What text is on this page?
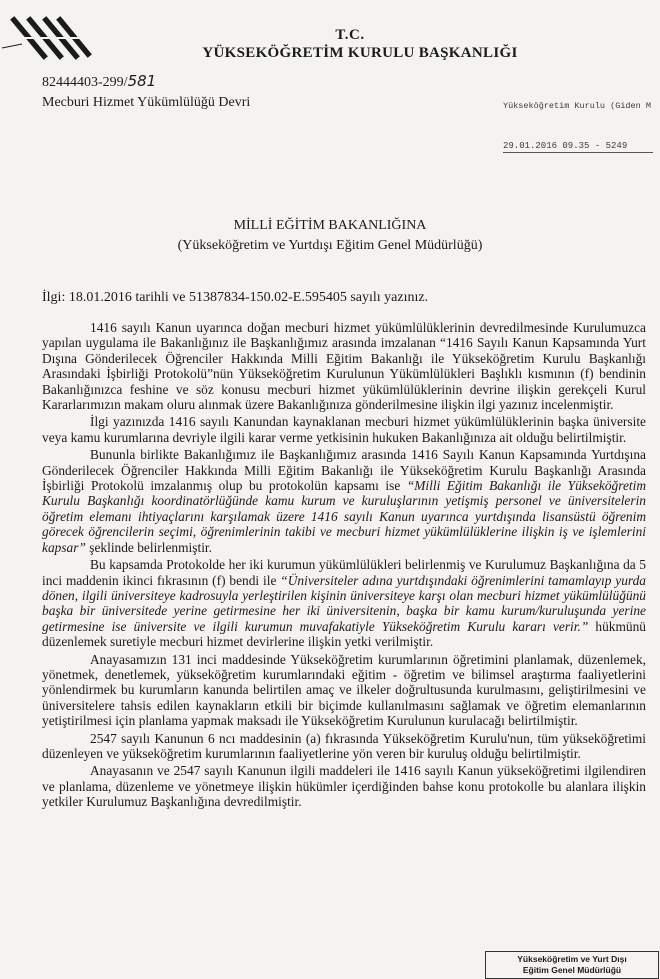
T.C.
YÜKSEKÖĞRETİM KURULU BAŞKANLIĞI
82444403-299/581
Mecburi Hizmet Yükümlülüğü Devri	Yükseköğretim Kurulu (Giden M
29.01.2016 09.35 - 5249
MİLLİ EĞİTİM BAKANLIĞINA
(Yükseköğretim ve Yurtdışı Eğitim Genel Müdürlüğü)
İlgi: 18.01.2016 tarihli ve 51387834-150.02-E.595405 sayılı yazınız.

1416 sayılı Kanun uyarınca doğan mecburi hizmet yükümlülüklerinin devredilmesinde Kurulumuzca yapılan uygulama ile Bakanlığınız ile Başkanlığımız arasında imzalanan “1416 Sayılı Kanun Kapsamında Yurt Dışına Gönderilecek Öğrenciler Hakkında Milli Eğitim Bakanlığı ile Yükseköğretim Kurulu Başkanlığı Arasındaki İşbirliği Protokolü”nün Yükseköğretim Kurulunun Yükümlülükleri Başlıklı kısmının (f) bendinin Bakanlığınızca feshine ve söz konusu mecburi hizmet yükümlülüklerinin devrine ilişkin gerekçeli Kurul Kararlarımızın makam oluru alınmak üzere Bakanlığınıza gönderilmesine ilişkin ilgi yazınız incelenmiştir.

İlgi yazınızda 1416 sayılı Kanundan kaynaklanan mecburi hizmet yükümlülüklerinin başka üniversite veya kamu kurumlarına devriyle ilgili karar verme yetkisinin hukuken Bakanlığınıza ait olduğu belirtilmiştir.

Bununla birlikte Bakanlığımız ile Başkanlığımız arasında 1416 Sayılı Kanun Kapsamında Yurtdışına Gönderilecek Öğrenciler Hakkında Milli Eğitim Bakanlığı ile Yükseköğretim Kurulu Başkanlığı Arasında İşbirliği Protokolü imzalanmış olup bu protokolün kapsamı ise “Milli Eğitim Bakanlığı ile Yükseköğretim Kurulu Başkanlığı koordinatörlüğünde kamu kurum ve kuruluşlarının yetişmiş personel ve üniversitelerin öğretim elemanı ihtiyaçlarını karşılamak üzere 1416 sayılı Kanun uyarınca yurtdışında lisansüstü öğrenim görecek öğrencilerin seçimi, öğrenimlerinin takibi ve mecburi hizmet yükümlülüklerine ilişkin iş ve işlemlerini kapsar” şeklinde belirlenmiştir.

Bu kapsamda Protokolde her iki kurumun yükümlülükleri belirlenmiş ve Kurulumuz Başkanlığına da 5 inci maddenin ikinci fıkrasının (f) bendi ile “Üniversiteler adına yurtdışındaki öğrenimlerini tamamlayıp yurda dönen, ilgili üniversiteye kadrosuyla yerleştirilen kişinin üniversiteye karşı olan mecburi hizmet yükümlülüğünü başka bir üniversitede yerine getirmesine her iki üniversitenin, başka bir kamu kurum/kuruluşunda yerine getirmesine ise üniversite ve ilgili kurumun muvafakatiyle Yükseköğretim Kurulu kararı verir.” hükmünü düzenlemek suretiyle mecburi hizmet devirlerine ilişkin yetki verilmiştir.

Anayasamızın 131 inci maddesinde Yükseköğretim kurumlarının öğretimini planlamak, düzenlemek, yönetmek, denetlemek, yükseköğretim kurumlarındaki eğitim - öğretim ve bilimsel araştırma faaliyetlerini yönlendirmek bu kurumların kanunda belirtilen amaç ve ilkeler doğrultusunda kurulmasını, geliştirilmesini ve üniversitelere tahsis edilen kaynakların etkili bir biçimde kullanılmasını sağlamak ve öğretim elemanlarının yetiştirilmesi için planlama yapmak maksadı ile Yükseköğretim Kurulunun kurulacağı belirtilmiştir.

2547 sayılı Kanunun 6 ncı maddesinin (a) fıkrasında Yükseköğretim Kurulu'nun, tüm yükseköğretimi düzenleyen ve yükseköğretim kurumlarının faaliyetlerine yön veren bir kuruluş olduğu belirtilmiştir.

Anayasanın ve 2547 sayılı Kanunun ilgili maddeleri ile 1416 sayılı Kanun yükseköğretimi ilgilendiren ve planlama, düzenleme ve yönetmeye ilişkin hükümler içerdiğinden bahse konu protokolle bu alanlara ilişkin yetkiler Kurulumuz Başkanlığına devredilmiştir.

Yükseköğretim ve Yurt Dışı
Eğitim Genel Müdürlüğü
